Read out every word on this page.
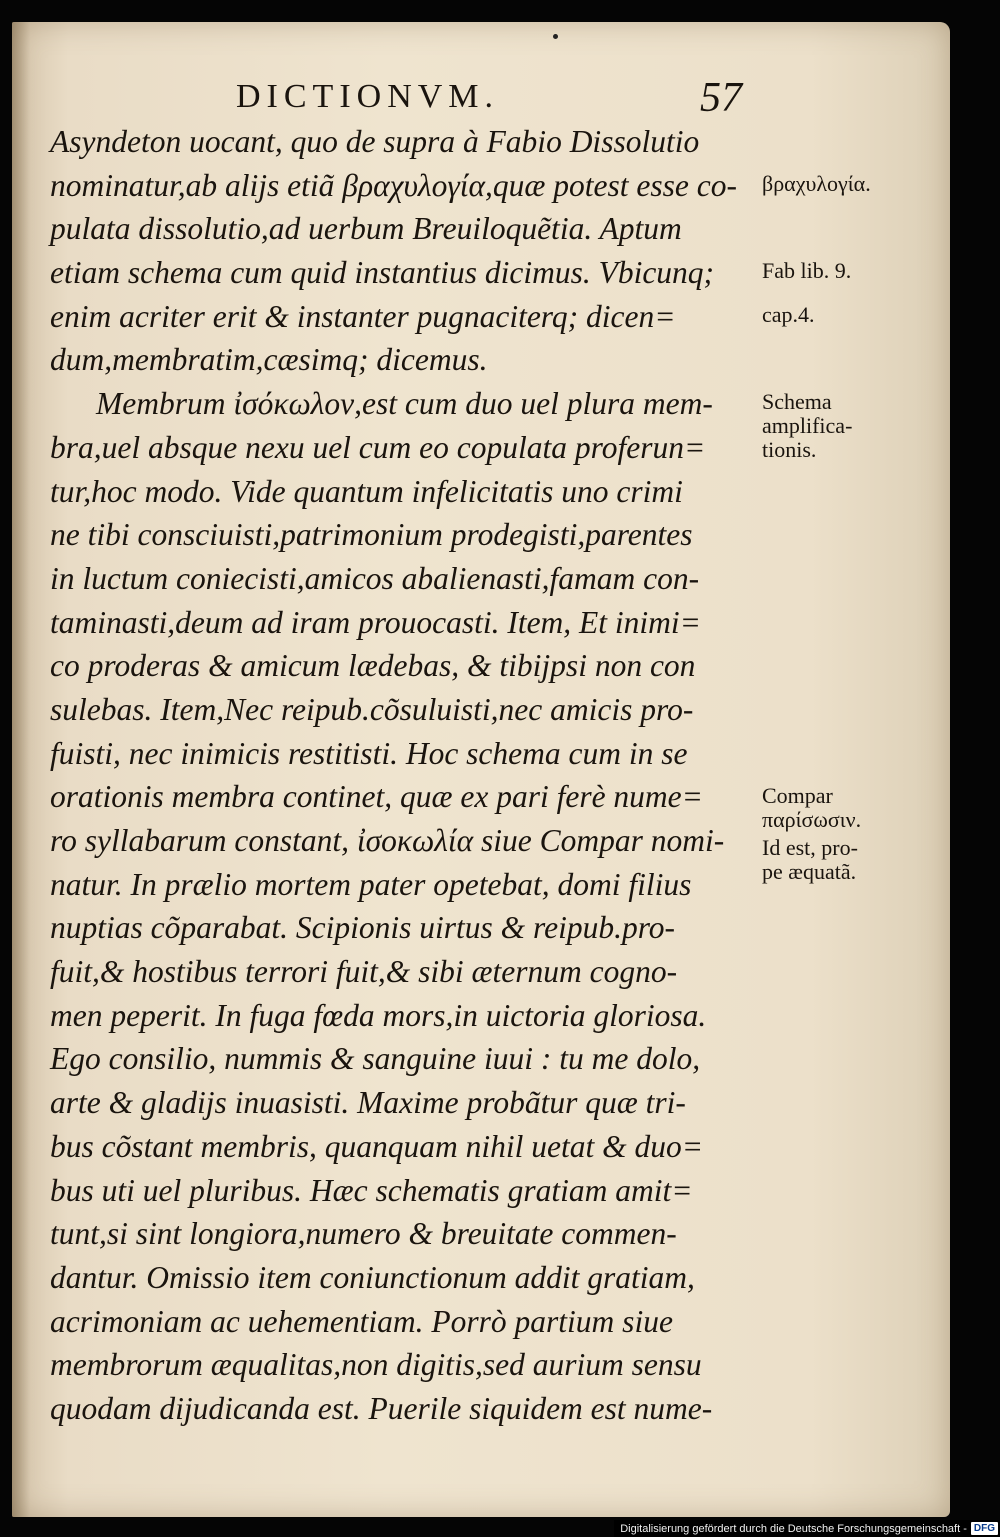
DICTIONVM.	57
Asyndeton uocant, quo de supra à Fabio Dissolutio
nominatur,ab alijs etiã βραχυλογία,quæ potest esse co-
pulata dissolutio,ad uerbum Breuiloquẽtia. Aptum
etiam schema cum quid instantius dicimus. Vbicunq;
enim acriter erit & instanter pugnaciterq; dicen=
dum,membratim,cæsimq; dicemus.
Membrum ἰσόκωλον,est cum duo uel plura mem-
bra,uel absque nexu uel cum eo copulata proferun=
tur,hoc modo. Vide quantum infelicitatis uno crimi
ne tibi consciuisti,patrimonium prodegisti,parentes
in luctum coniecisti,amicos abalienasti,famam con-
taminasti,deum ad iram prouocasti. Item, Et inimi=
co proderas & amicum lædebas, & tibijpsi non con
sulebas. Item,Nec reipub.cõsuluisti,nec amicis pro-
fuisti, nec inimicis restitisti. Hoc schema cum in se
orationis membra continet, quæ ex pari ferè nume=
ro syllabarum constant, ἰσοκωλία siue Compar nomi-
natur. In prælio mortem pater opetebat, domi filius
nuptias cõparabat. Scipionis uirtus & reipub.pro-
fuit,& hostibus terrori fuit,& sibi æternum cogno-
men peperit. In fuga fœda mors,in uictoria gloriosa.
Ego consilio, nummis & sanguine iuui : tu me dolo,
arte & gladijs inuasisti. Maxime probãtur quæ tri-
bus cõstant membris, quanquam nihil uetat & duo=
bus uti uel pluribus. Hæc schematis gratiam amit=
tunt,si sint longiora,numero & breuitate commen-
dantur. Omissio item coniunctionum addit gratiam,
acrimoniam ac uehementiam. Porrò partium siue
membrorum æqualitas,non digitis,sed aurium sensu
quodam dijudicanda est. Puerile siquidem est nume-
βραχυλογία.
Fab lib. 9.
cap.4.
Schema
amplifica-
tionis.
Compar
παρίσωσιν.
Id est, pro-
pe æquatã.
Digitalisierung gefördert durch die Deutsche Forschungsgemeinschaft - DFG
